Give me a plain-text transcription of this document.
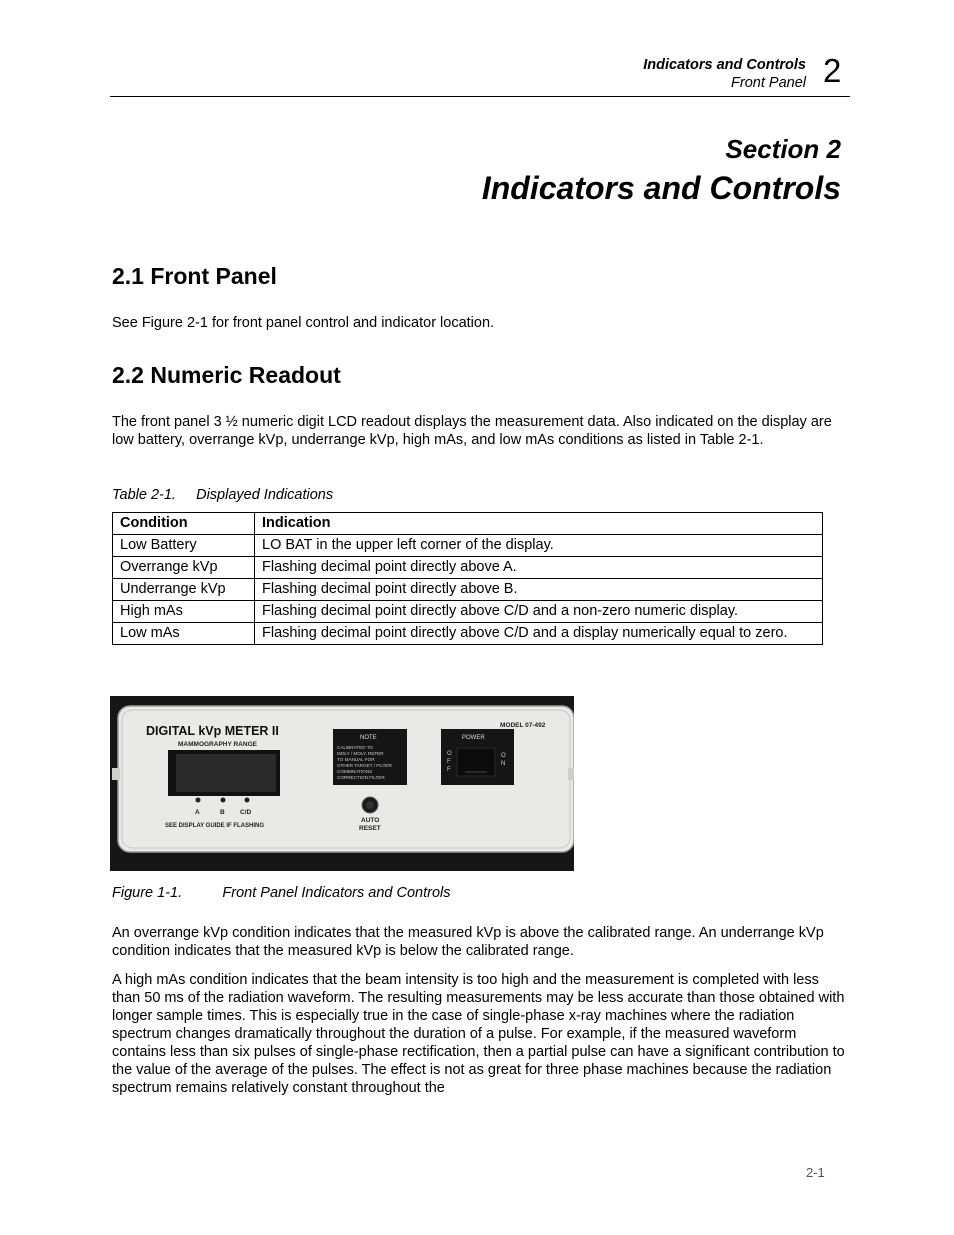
Indicators and Controls
Front Panel 2
Section 2
Indicators and Controls
2.1 Front Panel

See Figure 2-1 for front panel control and indicator location.

2.2 Numeric Readout

The front panel 3 ½ numeric digit LCD readout displays the measurement data. Also indicated on the display are low battery, overrange kVp, underrange kVp, high mAs, and low mAs conditions as listed in Table 2-1.

Table 2-1.     Displayed Indications
Condition	Indication
Low Battery	LO BAT in the upper left corner of the display.
Overrange kVp	Flashing decimal point directly above A.
Underrange kVp	Flashing decimal point directly above B.
High mAs	Flashing decimal point directly above C/D and a non-zero numeric display.
Low mAs	Flashing decimal point directly above C/D and a display numerically equal to zero.
DIGITAL kVp METER II
MAMMOGRAPHY RANGE
MODEL 07-492
A	B C/D
SEE DISPLAY GUIDE IF FLASHING
NOTE
CALIBRATED TO
MOLY / MOLY. REFER
TO MANUAL FOR
OTHER TARGET / FILTER
COMBINATIONS
CORRECTION FILTER.
AUTO
RESET
POWER
O
F
F
O
N
Figure 1-1.          Front Panel Indicators and Controls

An overrange kVp condition indicates that the measured kVp is above the calibrated range. An underrange kVp condition indicates that the measured kVp is below the calibrated range.

A high mAs condition indicates that the beam intensity is too high and the measurement is completed with less than 50 ms of the radiation waveform. The resulting measurements may be less accurate than those obtained with longer sample times. This is especially true in the case of single-phase x-ray machines where the radiation spectrum changes dramatically throughout the duration of a pulse. For example, if the measured waveform contains less than six pulses of single-phase rectification, then a partial pulse can have a significant contribution to the value of the average of the pulses. The effect is not as great for three phase machines because the radiation spectrum remains relatively constant throughout the

2-1
